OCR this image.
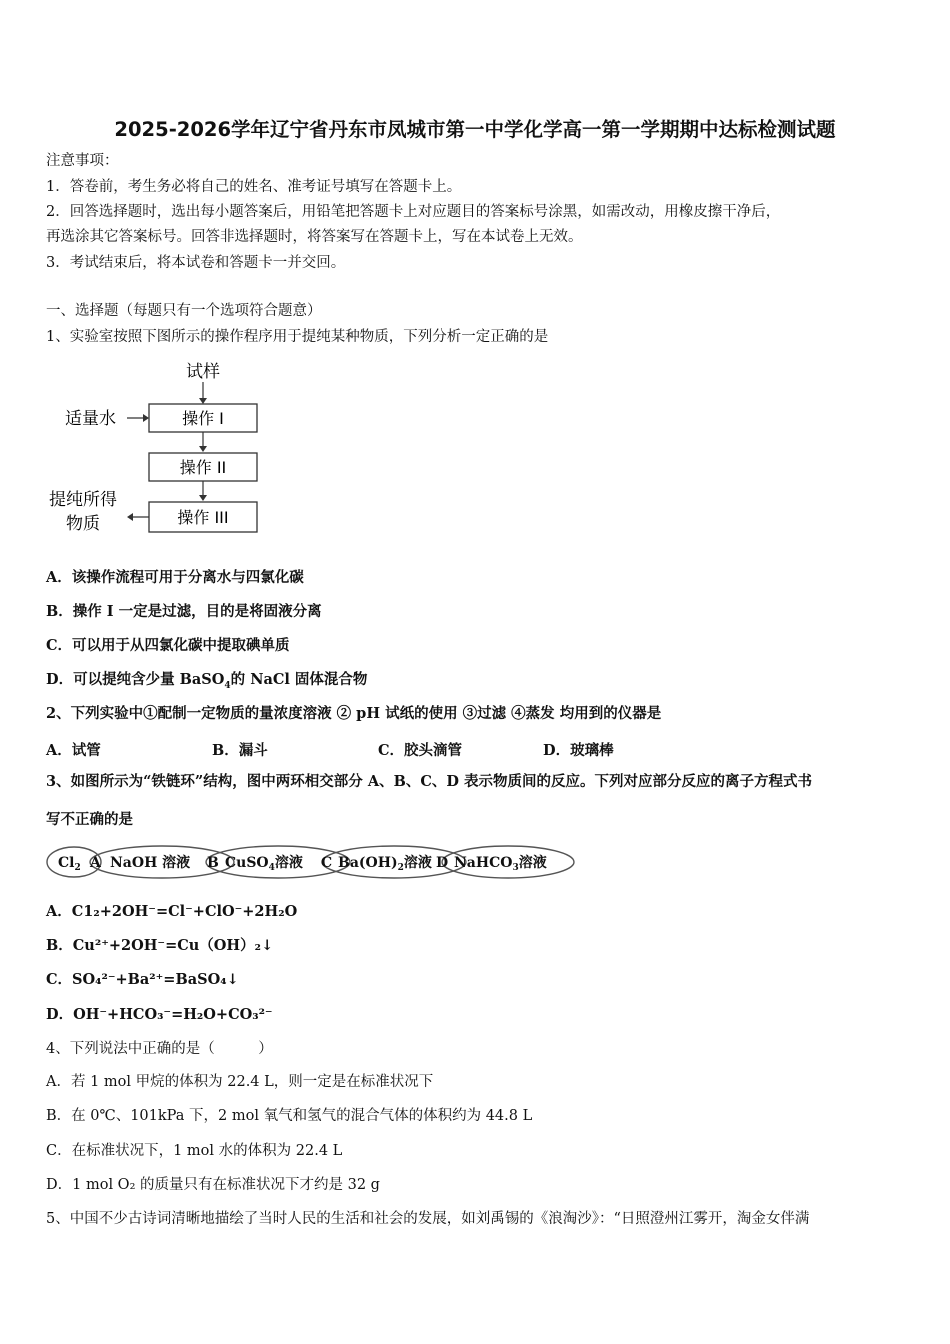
2025-2026学年辽宁省丹东市凤城市第一中学化学高一第一学期期中达标检测试题
注意事项：
1．答卷前，考生务必将自己的姓名、准考证号填写在答题卡上。
2．回答选择题时，选出每小题答案后，用铅笔把答题卡上对应题目的答案标号涂黑，如需改动，用橡皮擦干净后，
再选涂其它答案标号。回答非选择题时，将答案写在答题卡上，写在本试卷上无效。
3．考试结束后，将本试卷和答题卡一并交回。
一、选择题（每题只有一个选项符合题意）
1、实验室按照下图所示的操作程序用于提纯某种物质，下列分析一定正确的是
试样
操作 I
适量水
操作 II
操作 III
提纯所得
物质
A．该操作流程可用于分离水与四氯化碳
B．操作 I 一定是过滤，目的是将固液分离
C．可以用于从四氯化碳中提取碘单质
D．可以提纯含少量 BaSO$_4$的 NaCl 固体混合物
2、下列实验中①配制一定物质的量浓度溶液 ② pH 试纸的使用 ③过滤 ④蒸发 均用到的仪器是
A．试管	B．漏斗	C．胶头滴管	D．玻璃棒
3、如图所示为“铁链环”结构，图中两环相交部分 A、B、C、D 表示物质间的反应。下列对应部分反应的离子方程式书
写不正确的是
$Cl_2$ A NaOH 溶液 B CuSO$_4$溶液 C $Ba(OH)_2$溶液 D NaHCO$_3$溶液
A．C1₂+2OH⁻=Cl⁻+ClO⁻+2H₂O
B．Cu²⁺+2OH⁻=Cu（OH）₂↓
C．SO₄²⁻+Ba²⁺=BaSO₄↓
D．OH⁻+HCO₃⁻=H₂O+CO₃²⁻
4、下列说法中正确的是（　　　）
A．若 1 mol 甲烷的体积为 22.4 L，则一定是在标准状况下
B．在 0℃、101kPa 下，2 mol 氧气和氢气的混合气体的体积约为 44.8 L
C．在标准状况下，1 mol 水的体积为 22.4 L
D．1 mol O₂ 的质量只有在标准状况下才约是 32 g
5、中国不少古诗词清晰地描绘了当时人民的生活和社会的发展，如刘禹锡的《浪淘沙》：“日照澄州江雾开，淘金女伴满
